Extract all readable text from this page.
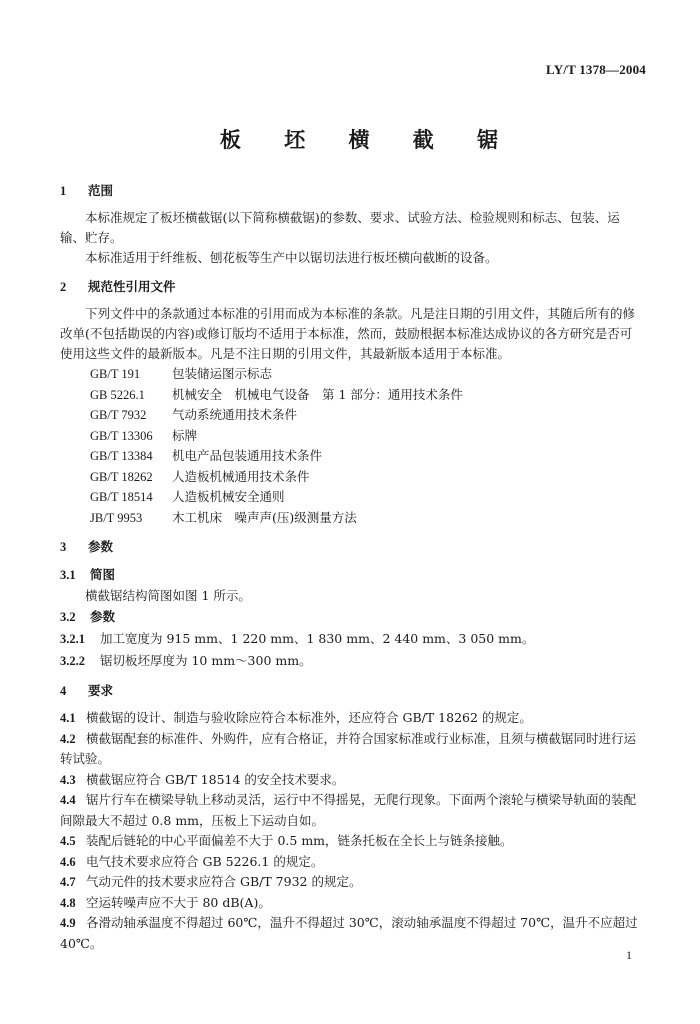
LY/T 1378—2004
板 坯 横 截 锯

1 范围

本标准规定了板坯横截锯(以下简称横截锯)的参数、要求、试验方法、检验规则和标志、包装、运输、贮存。

本标准适用于纤维板、刨花板等生产中以锯切法进行板坯横向截断的设备。

2 规范性引用文件

下列文件中的条款通过本标准的引用而成为本标准的条款。凡是注日期的引用文件，其随后所有的修改单(不包括勘误的内容)或修订版均不适用于本标准，然而，鼓励根据本标准达成协议的各方研究是否可使用这些文件的最新版本。凡是不注日期的引用文件，其最新版本适用于本标准。

GB/T 191	包装储运图示标志

GB 5226.1 机械安全　机械电气设备　第 1 部分：通用技术条件

GB/T 7932 气动系统通用技术条件

GB/T 13306 标牌

GB/T 13384 机电产品包装通用技术条件

GB/T 18262 人造板机械通用技术条件

GB/T 18514 人造板机械安全通则

JB/T 9953 木工机床　噪声声(压)级测量方法

3 参数

3.1 简图

横截锯结构简图如图 1 所示。

3.2 参数

3.2.1 加工宽度为 915 mm、1 220 mm、1 830 mm、2 440 mm、3 050 mm。

3.2.2 锯切板坯厚度为 10 mm～300 mm。

4 要求

4.1 横截锯的设计、制造与验收除应符合本标准外，还应符合 GB/T 18262 的规定。

4.2 横截锯配套的标准件、外购件，应有合格证，并符合国家标准或行业标准，且须与横截锯同时进行运转试验。

4.3 横截锯应符合 GB/T 18514 的安全技术要求。

4.4 锯片行车在横梁导轨上移动灵活，运行中不得摇晃，无爬行现象。下面两个滚轮与横梁导轨面的装配间隙最大不超过 0.8 mm，压板上下运动自如。

4.5 装配后链轮的中心平面偏差不大于 0.5 mm，链条托板在全长上与链条接触。

4.6 电气技术要求应符合 GB 5226.1 的规定。

4.7 气动元件的技术要求应符合 GB/T 7932 的规定。

4.8 空运转噪声应不大于 80 dB(A)。

4.9 各滑动轴承温度不得超过 60℃，温升不得超过 30℃，滚动轴承温度不得超过 70℃，温升不应超过 40℃。

1
